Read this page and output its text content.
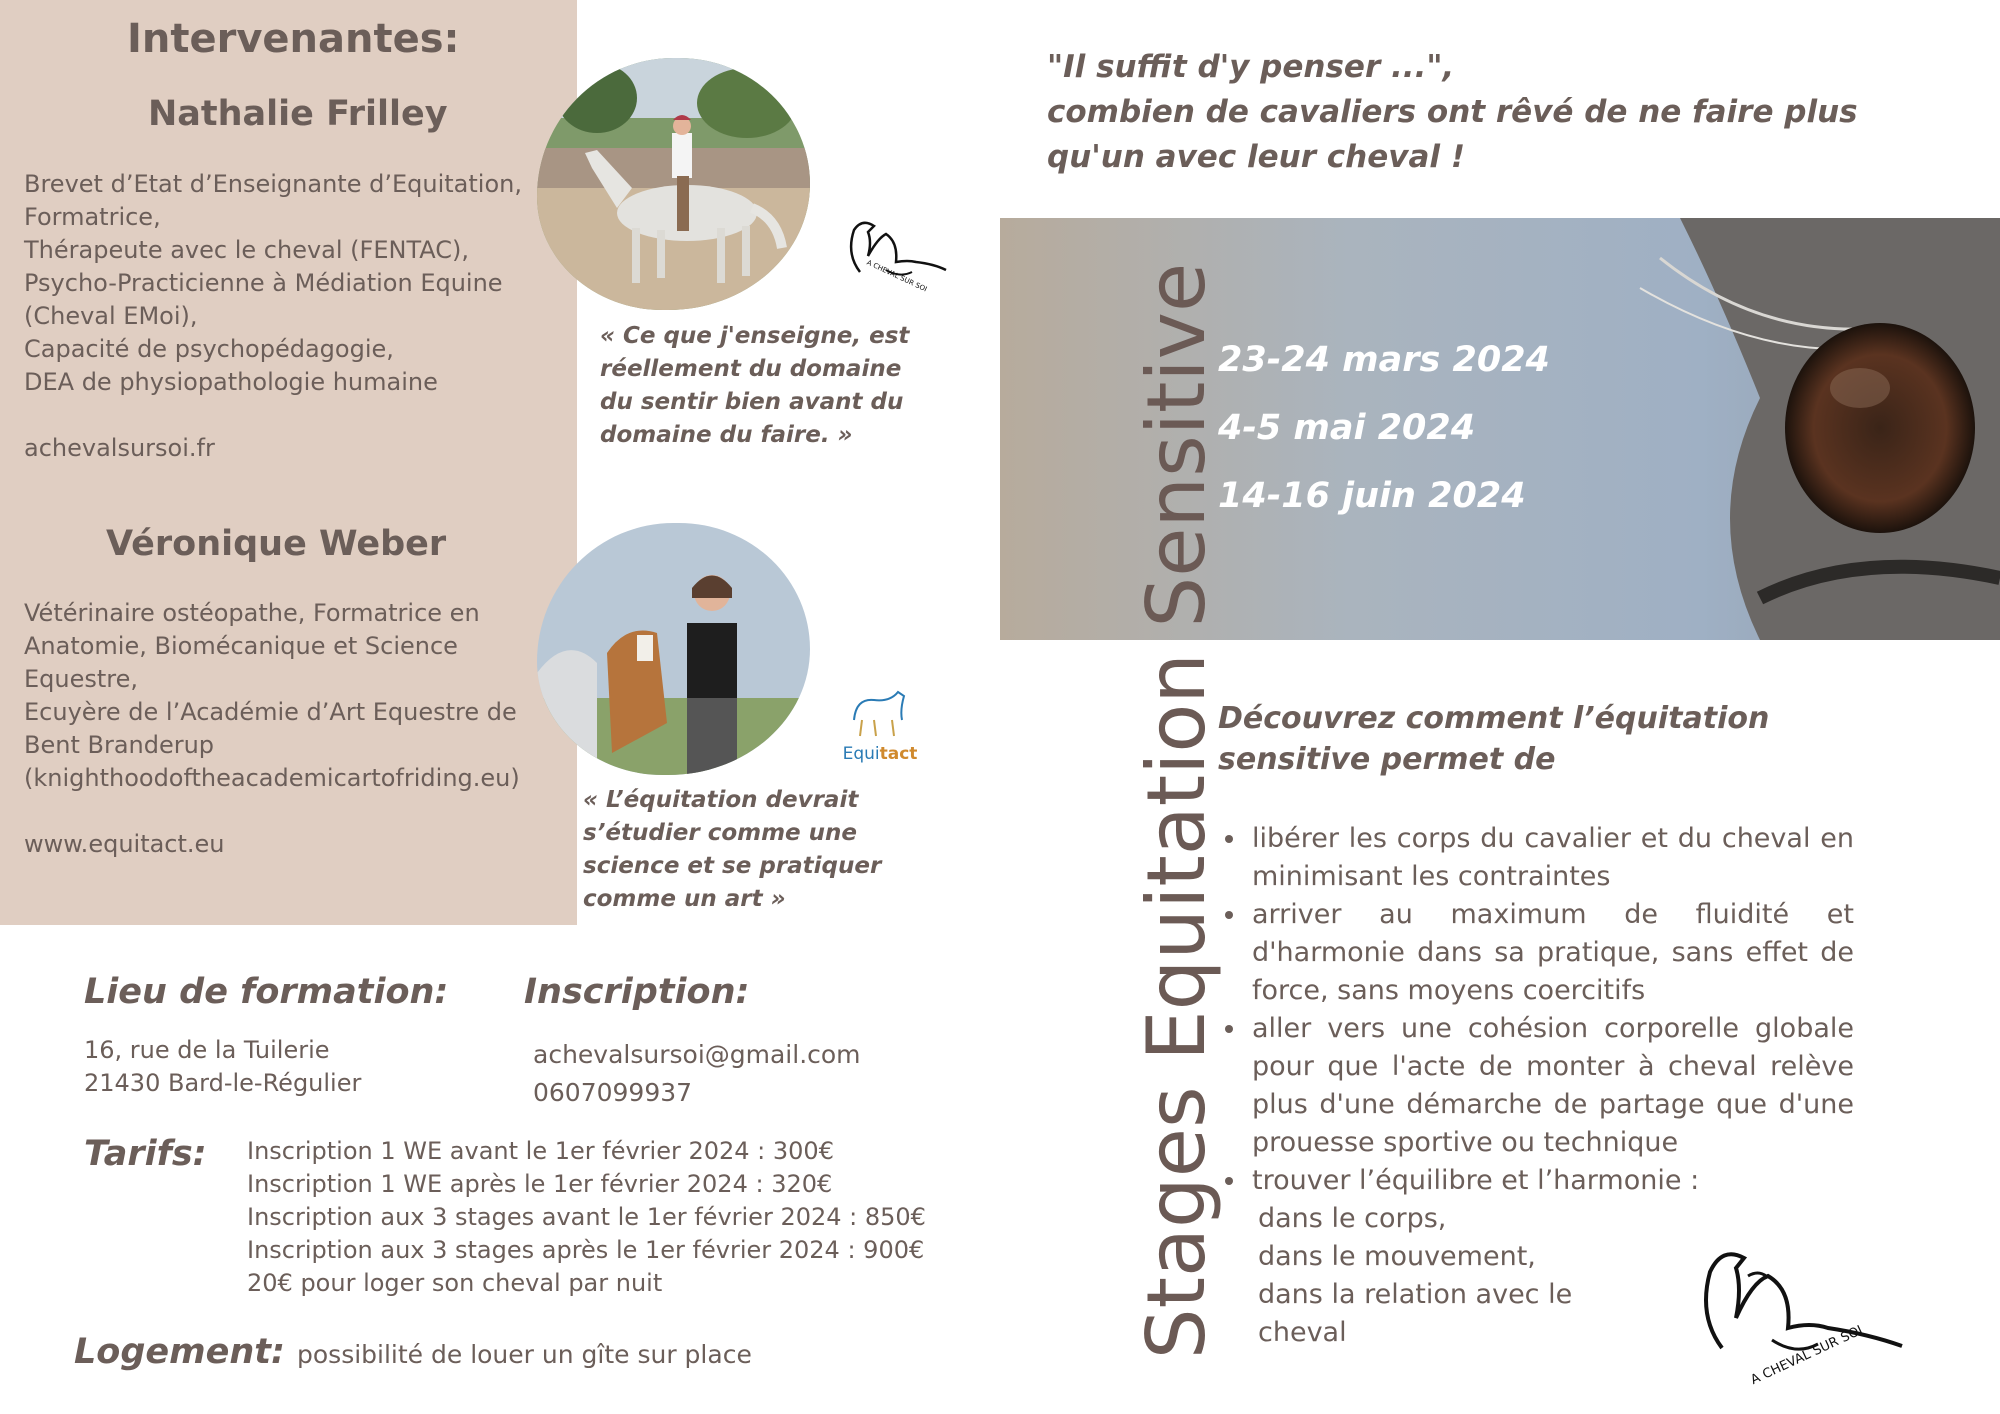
Intervenantes:
Nathalie Frilley
Brevet d’Etat d’Enseignante d’Equitation,
Formatrice,
Thérapeute avec le cheval (FENTAC),
Psycho-Practicienne à Médiation Equine
(Cheval EMoi),
Capacité de psychopédagogie,
DEA de physiopathologie humaine
achevalsursoi.fr
Véronique Weber
Vétérinaire ostéopathe, Formatrice en
Anatomie, Biomécanique et Science
Equestre,
Ecuyère de l’Académie d’Art Equestre de
Bent Branderup
(knighthoodoftheacademicartofriding.eu)
www.equitact.eu
A CHEVAL SUR SOI
Equitact
« Ce que j'enseigne, est
réellement du domaine
du sentir bien avant du
domaine du faire. »
« L’équitation devrait
s’étudier comme une
science et se pratiquer
comme un art »
Lieu de formation:
16, rue de la Tuilerie
21430 Bard-le-Régulier
Inscription:
achevalsursoi@gmail.com
0607099937
Tarifs: Inscription 1 WE avant le 1er février 2024 : 300€
Inscription 1 WE après le 1er février 2024 : 320€
Inscription aux 3 stages avant le 1er février 2024 : 850€
Inscription aux 3 stages après le 1er février 2024 : 900€
20€ pour loger son cheval par nuit
Logement: possibilité de louer un gîte sur place
"Il suffit d'y penser ...",
combien de cavaliers ont rêvé de ne faire plus
qu'un avec leur cheval !
23-24 mars 2024
4-5 mai 2024
14-16 juin 2024
Stages Equitation Sensitive
Découvrez comment l’équitation
sensitive permet de
• libérer les corps du cavalier et du cheval en minimisant les contraintes
• arriver au maximum de fluidité et d'harmonie dans sa pratique, sans effet de force, sans moyens coercitifs
• aller vers une cohésion corporelle globale pour que l'acte de monter à cheval relève plus d'une démarche de partage que d'une prouesse sportive ou technique
• trouver l’équilibre et l’harmonie :
dans le corps,
dans le mouvement,
dans la relation avec le
cheval	A CHEVAL SUR SOI
